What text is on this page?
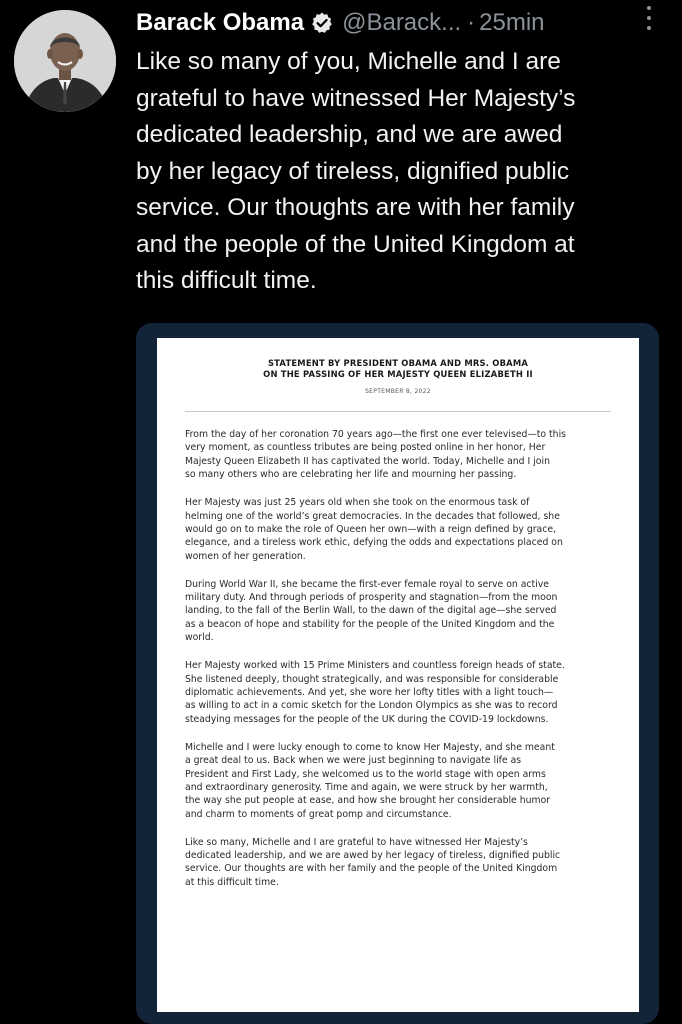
Barack Obama @Barack... · 25min
Like so many of you, Michelle and I are
grateful to have witnessed Her Majesty’s
dedicated leadership, and we are awed
by her legacy of tireless, dignified public
service. Our thoughts are with her family
and the people of the United Kingdom at
this difficult time.
STATEMENT BY PRESIDENT OBAMA AND MRS. OBAMA
ON THE PASSING OF HER MAJESTY QUEEN ELIZABETH II
SEPTEMBER 8, 2022

From the day of her coronation 70 years ago—the first one ever televised—to this
very moment, as countless tributes are being posted online in her honor, Her
Majesty Queen Elizabeth II has captivated the world. Today, Michelle and I join
so many others who are celebrating her life and mourning her passing.

Her Majesty was just 25 years old when she took on the enormous task of
helming one of the world’s great democracies. In the decades that followed, she
would go on to make the role of Queen her own—with a reign defined by grace,
elegance, and a tireless work ethic, defying the odds and expectations placed on
women of her generation.

During World War II, she became the first-ever female royal to serve on active
military duty. And through periods of prosperity and stagnation—from the moon
landing, to the fall of the Berlin Wall, to the dawn of the digital age—she served
as a beacon of hope and stability for the people of the United Kingdom and the
world.

Her Majesty worked with 15 Prime Ministers and countless foreign heads of state.
She listened deeply, thought strategically, and was responsible for considerable
diplomatic achievements. And yet, she wore her lofty titles with a light touch—
as willing to act in a comic sketch for the London Olympics as she was to record
steadying messages for the people of the UK during the COVID-19 lockdowns.

Michelle and I were lucky enough to come to know Her Majesty, and she meant
a great deal to us. Back when we were just beginning to navigate life as
President and First Lady, she welcomed us to the world stage with open arms
and extraordinary generosity. Time and again, we were struck by her warmth,
the way she put people at ease, and how she brought her considerable humor
and charm to moments of great pomp and circumstance.

Like so many, Michelle and I are grateful to have witnessed Her Majesty’s
dedicated leadership, and we are awed by her legacy of tireless, dignified public
service. Our thoughts are with her family and the people of the United Kingdom
at this difficult time.
